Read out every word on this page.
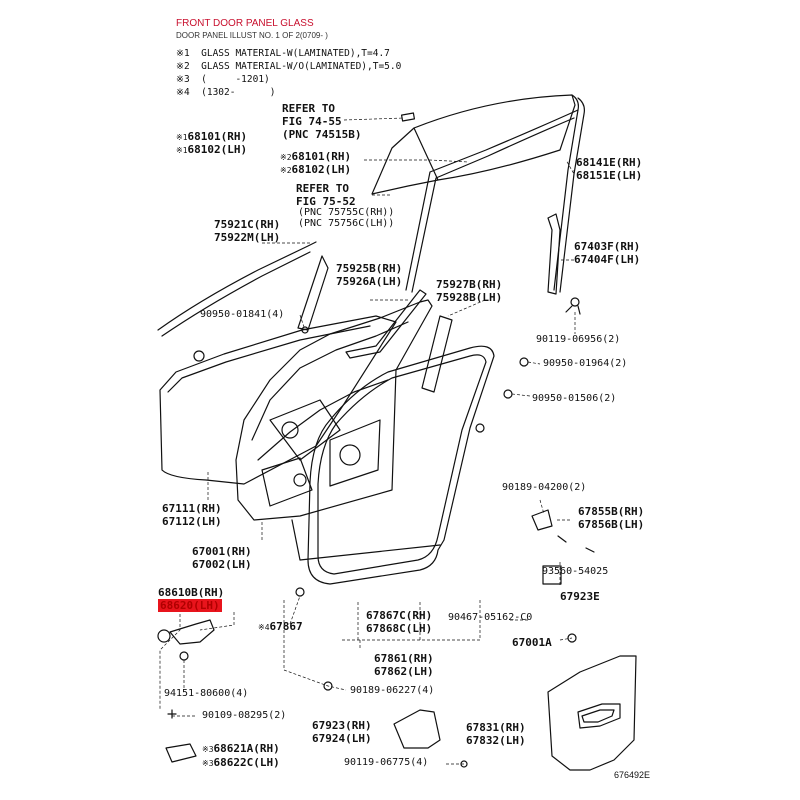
FRONT DOOR PANEL GLASS
DOOR PANEL ILLUST NO. 1 OF 2(0709- )
※1 GLASS MATERIAL-W(LAMINATED),T=4.7
※2 GLASS MATERIAL-W/O(LAMINATED),T=5.0
※3 (     -1201)
※4 (1302-      )
REFER TO
FIG 74-55
(PNC 74515B)
※168101(RH)
※168102(LH)
※268101(RH)
※268102(LH)
REFER TO
FIG 75-52
(PNC 75755C(RH))
(PNC 75756C(LH))
75921C(RH)
75922M(LH)
75925B(RH)
75926A(LH)	75927B(RH)
75928B(LH)
68141E(RH)
68151E(LH)
67403F(RH)
67404F(LH)
90950-01841(4)
90119-06956(2)
90950-01964(2)
90950-01506(2)
67111(RH)
67112(LH)
67001(RH)
67002(LH)
90189-04200(2)
67855B(RH)
67856B(LH)
93560-54025
67923E
68610B(RH)
68620(LH)
※467867
67867C(RH)
67868C(LH)
90467-05162-C0
67001A
67861(RH)
67862(LH)
94151-80600(4)	90189-06227(4)
90109-08295(2)
67923(RH)
67924(LH)
67831(RH)
67832(LH)
※368621A(RH)
※368622C(LH)	90119-06775(4)
676492E
